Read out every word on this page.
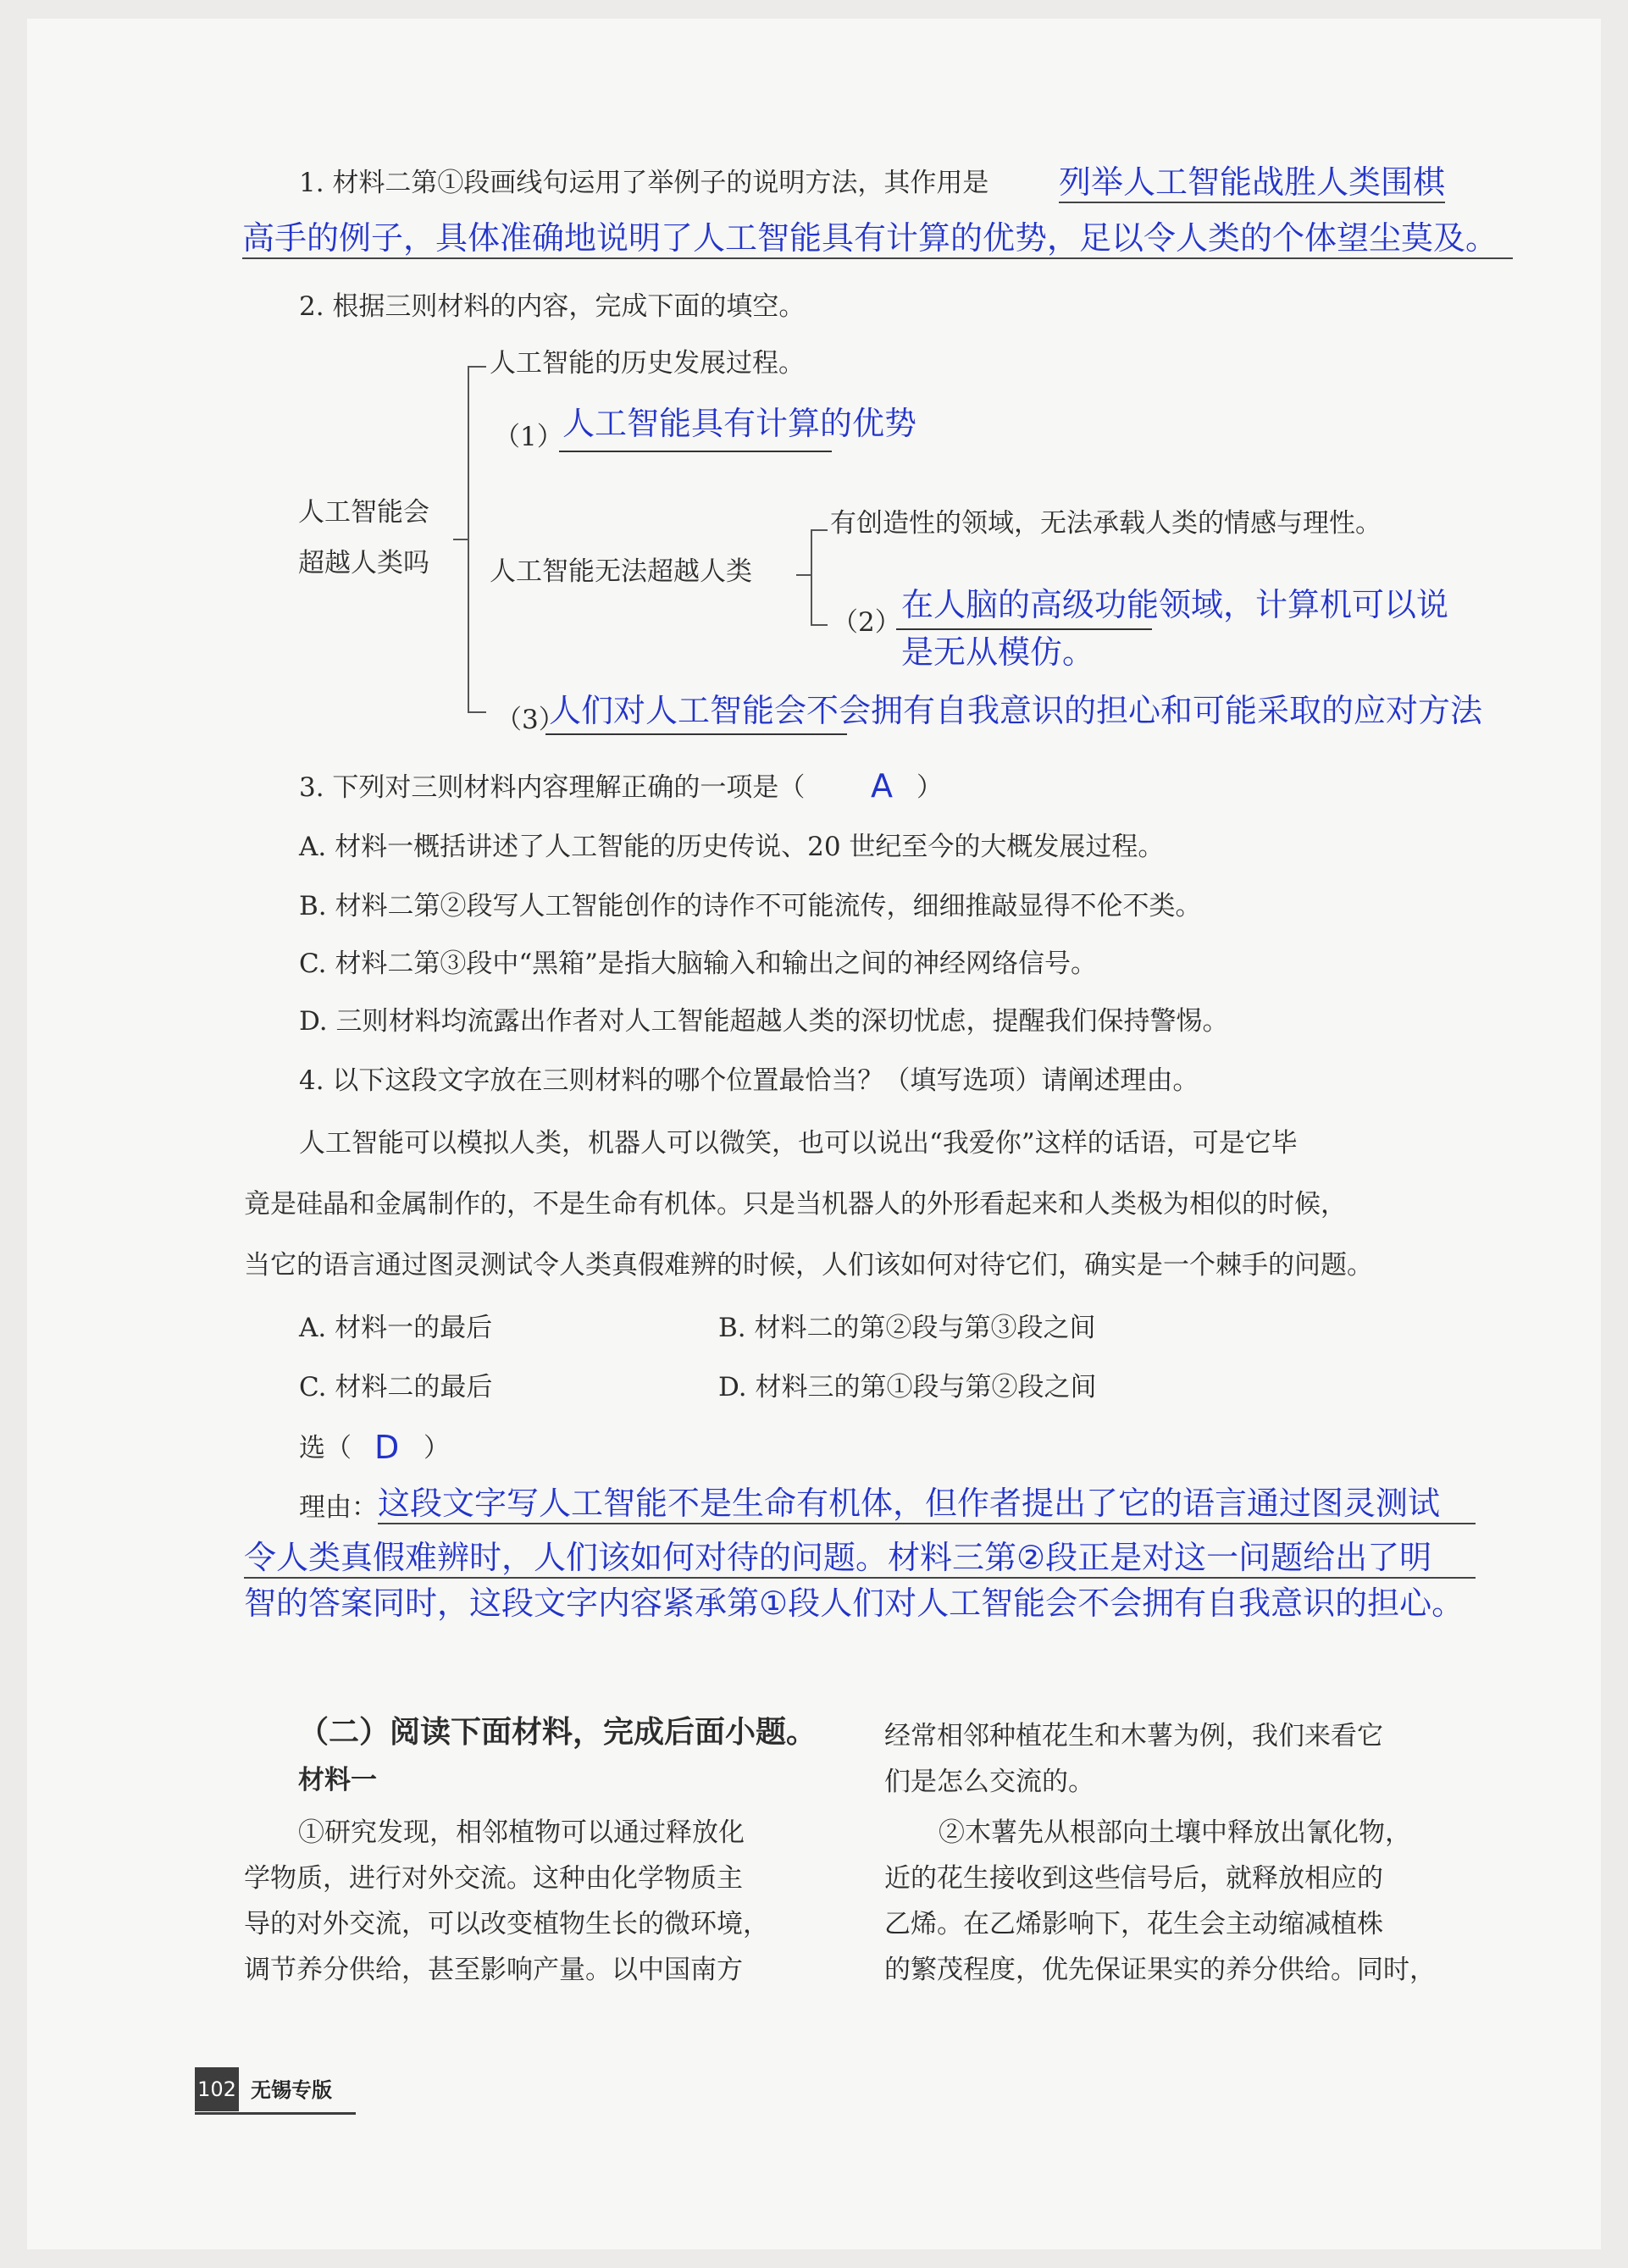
1. 材料二第①段画线句运用了举例子的说明方法，其作用是 列举人工智能战胜人类围棋
高手的例子，具体准确地说明了人工智能具有计算的优势，足以令人类的个体望尘莫及。
2. 根据三则材料的内容，完成下面的填空。
人工智能会
超越人类吗
人工智能的历史发展过程。
（1） 人工智能具有计算的优势
人工智能无法超越人类
有创造性的领域，无法承载人类的情感与理性。
（2） 在人脑的高级功能领域，计算机可以说
是无从模仿。
（3）
人们对人工智能会不会拥有自我意识的担心和可能采取的应对方法
3. 下列对三则材料内容理解正确的一项是（ A ）
A. 材料一概括讲述了人工智能的历史传说、20 世纪至今的大概发展过程。
B. 材料二第②段写人工智能创作的诗作不可能流传，细细推敲显得不伦不类。
C. 材料二第③段中“黑箱”是指大脑输入和输出之间的神经网络信号。
D. 三则材料均流露出作者对人工智能超越人类的深切忧虑，提醒我们保持警惕。
4. 以下这段文字放在三则材料的哪个位置最恰当？（填写选项）请阐述理由。
人工智能可以模拟人类，机器人可以微笑，也可以说出“我爱你”这样的话语，可是它毕
竟是硅晶和金属制作的，不是生命有机体。只是当机器人的外形看起来和人类极为相似的时候，
当它的语言通过图灵测试令人类真假难辨的时候，人们该如何对待它们，确实是一个棘手的问题。
A. 材料一的最后	B. 材料二的第②段与第③段之间
C. 材料二的最后	D. 材料三的第①段与第②段之间
选（ D ）
理由： 这段文字写人工智能不是生命有机体，但作者提出了它的语言通过图灵测试
令人类真假难辨时，人们该如何对待的问题。材料三第②段正是对这一问题给出了明
智的答案同时，这段文字内容紧承第①段人们对人工智能会不会拥有自我意识的担心。
（二）阅读下面材料，完成后面小题。
材料一
①研究发现，相邻植物可以通过释放化
学物质，进行对外交流。这种由化学物质主
导的对外交流，可以改变植物生长的微环境，
调节养分供给，甚至影响产量。以中国南方
经常相邻种植花生和木薯为例，我们来看它
们是怎么交流的。
②木薯先从根部向土壤中释放出氰化物，
近的花生接收到这些信号后，就释放相应的
乙烯。在乙烯影响下，花生会主动缩减植株
的繁茂程度，优先保证果实的养分供给。同时，
102 无锡专版
